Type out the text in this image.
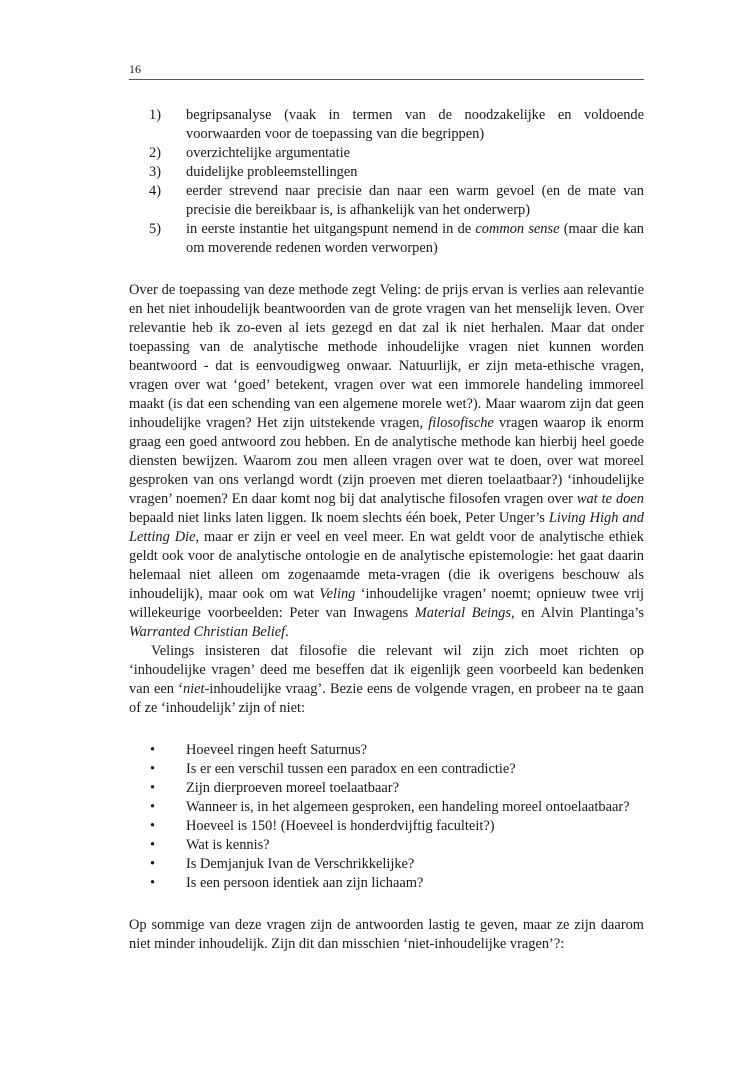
16
1)	begripsanalyse (vaak in termen van de noodzakelijke en voldoende voorwaarden voor de toepassing van die begrippen)
2)	overzichtelijke argumentatie
3)	duidelijke probleemstellingen
4)	eerder strevend naar precisie dan naar een warm gevoel (en de mate van precisie die bereikbaar is, is afhankelijk van het onderwerp)
5)	in eerste instantie het uitgangspunt nemend in de common sense (maar die kan om moverende redenen worden verworpen)

Over de toepassing van deze methode zegt Veling: de prijs ervan is verlies aan relevantie en het niet inhoudelijk beantwoorden van de grote vragen van het menselijk leven. Over relevantie heb ik zo-even al iets gezegd en dat zal ik niet herhalen. Maar dat onder toepassing van de analytische methode inhoudelijke vragen niet kunnen worden beantwoord - dat is eenvoudigweg onwaar. Natuurlijk, er zijn meta-ethische vragen, vragen over wat ‘goed’ betekent, vragen over wat een immorele handeling immoreel maakt (is dat een schending van een algemene morele wet?). Maar waarom zijn dat geen inhoudelijke vragen? Het zijn uitstekende vragen, filosofische vragen waarop ik enorm graag een goed antwoord zou hebben. En de analytische methode kan hierbij heel goede diensten bewijzen. Waarom zou men alleen vragen over wat te doen, over wat moreel gesproken van ons verlangd wordt (zijn proeven met dieren toelaatbaar?) ‘inhoudelijke vragen’ noemen? En daar komt nog bij dat analytische filosofen vragen over wat te doen bepaald niet links laten liggen. Ik noem slechts één boek, Peter Unger’s Living High and Letting Die, maar er zijn er veel en veel meer. En wat geldt voor de analytische ethiek geldt ook voor de analytische ontologie en de analytische epistemologie: het gaat daarin helemaal niet alleen om zogenaamde meta-vragen (die ik overigens beschouw als inhoudelijk), maar ook om wat Veling ‘inhoudelijke vragen’ noemt; opnieuw twee vrij willekeurige voorbeelden: Peter van Inwagens Material Beings, en Alvin Plantinga’s Warranted Christian Belief.

Velings insisteren dat filosofie die relevant wil zijn zich moet richten op ‘inhoudelijke vragen’ deed me beseffen dat ik eigenlijk geen voorbeeld kan bedenken van een ‘niet-inhoudelijke vraag’. Bezie eens de volgende vragen, en probeer na te gaan of ze ‘inhoudelijk’ zijn of niet:

•	Hoeveel ringen heeft Saturnus?
•	Is er een verschil tussen een paradox en een contradictie?
•	Zijn dierproeven moreel toelaatbaar?
•	Wanneer is, in het algemeen gesproken, een handeling moreel ontoelaatbaar?
•	Hoeveel is 150! (Hoeveel is honderdvijftig faculteit?)
•	Wat is kennis?
•	Is Demjanjuk Ivan de Verschrikkelijke?
•	Is een persoon identiek aan zijn lichaam?

Op sommige van deze vragen zijn de antwoorden lastig te geven, maar ze zijn daarom niet minder inhoudelijk. Zijn dit dan misschien ‘niet-inhoudelijke vragen’?:
